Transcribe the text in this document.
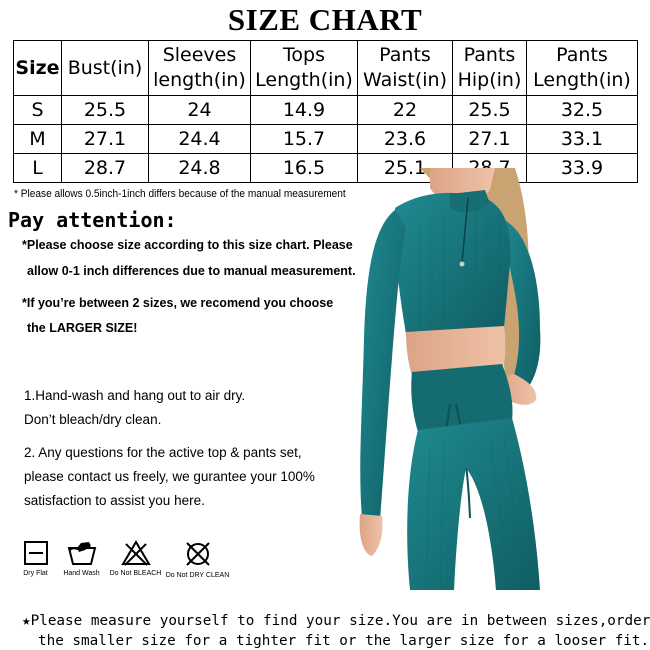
SIZE CHART
Size	Bust(in)	Sleeves length(in)	Tops Length(in)	Pants Waist(in)	Pants Hip(in)	Pants Length(in)
S	25.5	24	14.9	22	25.5	32.5
M	27.1	24.4	15.7	23.6	27.1	33.1
L	28.7	24.8	16.5	25.1		33.9
* Please allows 0.5inch-1inch differs because of the manual measurement
Pay attention:
*Please choose size according to this size chart. Please
allow 0-1 inch differences due to manual measurement.
*If you’re between 2 sizes, we recomend you choose
the LARGER SIZE!
1.Hand-wash and hang out to air dry.
Don’t bleach/dry clean.
2. Any questions for the active top & pants set,
please contact us freely, we gurantee your 100%
satisfaction to assist you here.
Dry Flat	Hand Wash	Do Not BLEACH Do Not DRY CLEAN
★Please measure yourself to find your size.You are in between sizes,order
the smaller size for a tighter fit or the larger size for a looser fit.
